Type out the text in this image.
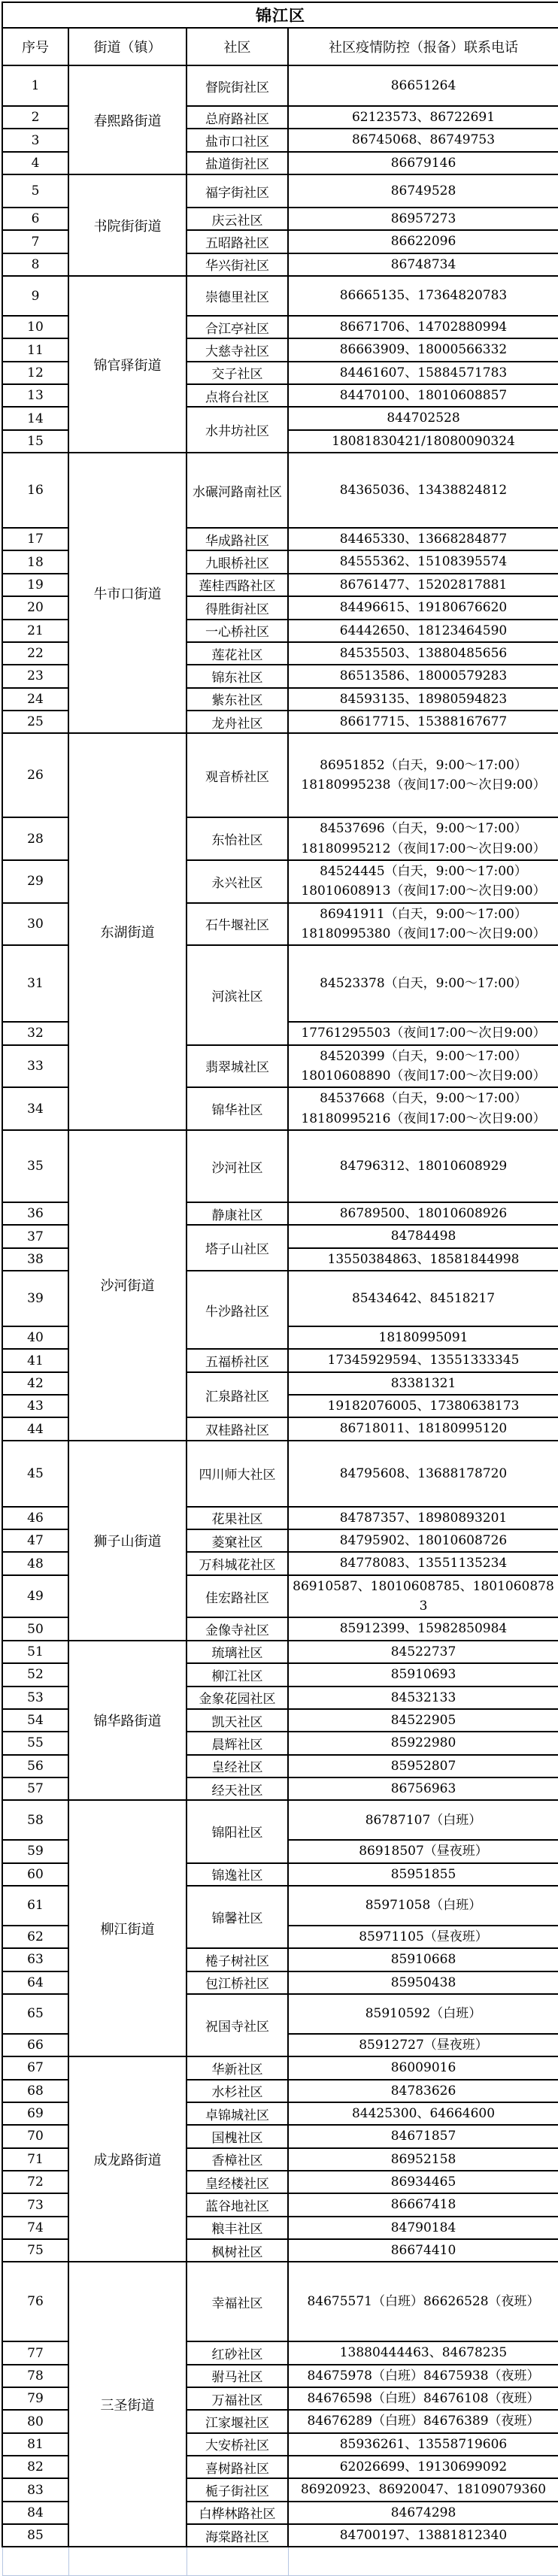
锦江区			
序号	街道（镇）	社区	社区疫情防控（报备）联系电话
1	春熙路街道	督院街社区	86651264

2		总府路社区	62123573、86722691

3		盐市口社区	86745068、86749753

4		盐道街社区	86679146

5	书院街街道	福字街社区	86749528

6		庆云社区	86957273

7		五昭路社区	86622096

8		华兴街社区	86748734

9	锦官驿街道	崇德里社区	86665135、17364820783

10		合江亭社区	86671706、14702880994

11		大慈寺社区	86663909、18000566332

12		交子社区	84461607、15884571783

13		点将台社区	84470100、18010608857

14		水井坊社区	844702528

15			18081830421/18080090324

16	牛市口街道	水碾河路南社区	84365036、13438824812

17		华成路社区	84465330、13668284877

18		九眼桥社区	84555362、15108395574

19		莲桂西路社区	86761477、15202817881

20		得胜街社区	84496615、19180676620

21		一心桥社区	64442650、18123464590

22		莲花社区	84535503、13880485656

23		锦东社区	86513586、18000579283

24		紫东社区	84593135、18980594823

25		龙舟社区	86617715、15388167677

26	东湖街道	观音桥社区	86951852（白天，9:00～17:00）
18180995238（夜间17:00～次日9:00）

28		东怡社区	84537696（白天，9:00～17:00）
18180995212（夜间17:00～次日9:00）

29		永兴社区	84524445（白天，9:00～17:00）
18010608913（夜间17:00～次日9:00）

30		石牛堰社区	86941911（白天，9:00～17:00）
18180995380（夜间17:00～次日9:00）

31		河滨社区	84523378（白天，9:00～17:00）

32			17761295503（夜间17:00～次日9:00）

33		翡翠城社区	84520399（白天，9:00～17:00）
18010608890（夜间17:00～次日9:00）

34		锦华社区	84537668（白天，9:00～17:00）
18180995216（夜间17:00～次日9:00）

35	沙河街道	沙河社区	84796312、18010608929

36		静康社区	86789500、18010608926

37		塔子山社区	84784498

38			13550384863、18581844998

39		牛沙路社区	85434642、84518217

40			18180995091

41		五福桥社区	17345929594、13551333345

42		汇泉路社区	83381321

43			19182076005、17380638173

44		双桂路社区	86718011、18180995120

45	狮子山街道	四川师大社区	84795608、13688178720

46		花果社区	84787357、18980893201

47		菱窠社区	84795902、18010608726

48		万科城花社区	84778083、13551135234

49		佳宏路社区	86910587、18010608785、18010608783

50		金像寺社区	85912399、15982850984

51	锦华路街道	琉璃社区	84522737

52		柳江社区	85910693

53		金象花园社区	84532133

54		凯天社区	84522905

55		晨辉社区	85922980

56		皇经社区	85952807

57		经天社区	86756963

58	柳江街道	锦阳社区	86787107（白班）

59			86918507（昼夜班）

60		锦逸社区	85951855

61		锦馨社区	85971058（白班）

62			85971105（昼夜班）

63		棬子树社区	85910668

64		包江桥社区	85950438

65		祝国寺社区	85910592（白班）

66			85912727（昼夜班）

67	成龙路街道	华新社区	86009016

68		水杉社区	84783626

69		卓锦城社区	84425300、64664600

70		国槐社区	84671857

71		香樟社区	86952158

72		皇经楼社区	86934465

73		蓝谷地社区	86667418

74		粮丰社区	84790184

75		枫树社区	86674410

76	三圣街道	幸福社区	84675571（白班）86626528（夜班）

77		红砂社区	13880444463、84678235

78		驸马社区	84675978（白班）84675938（夜班）

79		万福社区	84676598（白班）84676108（夜班）

80		江家堰社区	84676289（白班）84676389（夜班）

81		大安桥社区	85936261、13558719606

82		喜树路社区	62026699、19130699092

83		栀子街社区	86920923、86920047、18109079360

84		白桦林路社区	84674298

85		海棠路社区	84700197、13881812340
